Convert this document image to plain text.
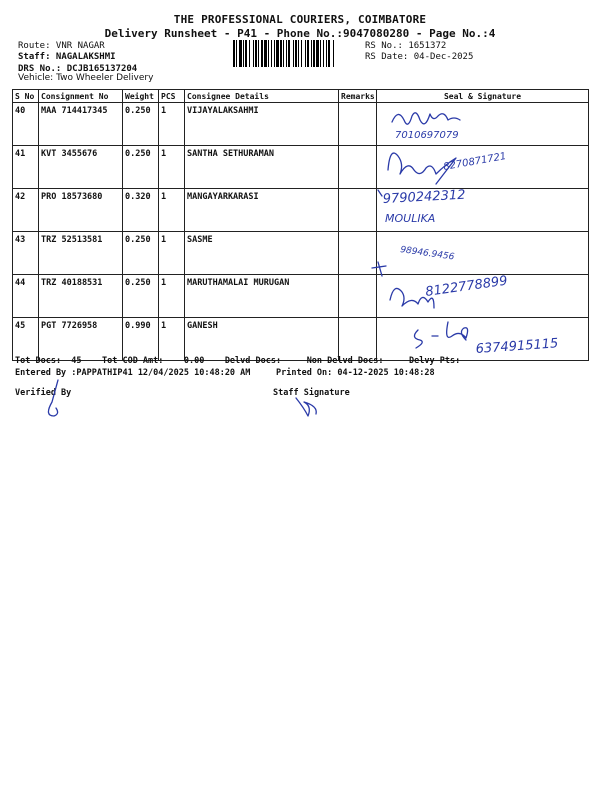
THE PROFESSIONAL COURIERS, COIMBATORE
Delivery Runsheet - P41 - Phone No.:9047080280 - Page No.:4
Route: VNR NAGAR
Staff: NAGALAKSHMI
DRS No.: DCJB165137204
Vehicle: Two Wheeler Delivery
RS No.: 1651372
RS Date: 04-Dec-2025
S No	Consignment No	Weight	PCS	Consignee Details	Remarks	Seal & Signature
40	MAA 714417345	0.250	1	VIJAYALAKSAHMI		
41	KVT 3455676	0.250	1	SANTHA SETHURAMAN		
42	PRO 18573680	0.320	1	MANGAYARKARASI		
43	TRZ 52513581	0.250	1	SASME		
44	TRZ 40188531	0.250	1	MARUTHAMALAI MURUGAN		
45	PGT 7726958	0.990	1	GANESH		
Tot Docs:  45    Tot COD Amt:    0.00    Delvd Docs:     Non Delvd Docs:     Delvy Pts:
Entered By :PAPPATHIP41 12/04/2025 10:48:20 AM     Printed On: 04-12-2025 10:48:28
Verified By	Staff Signature
7010697079
8270871721
9790242312
MOULIKA
98946.9456
8122778899
6374915115
